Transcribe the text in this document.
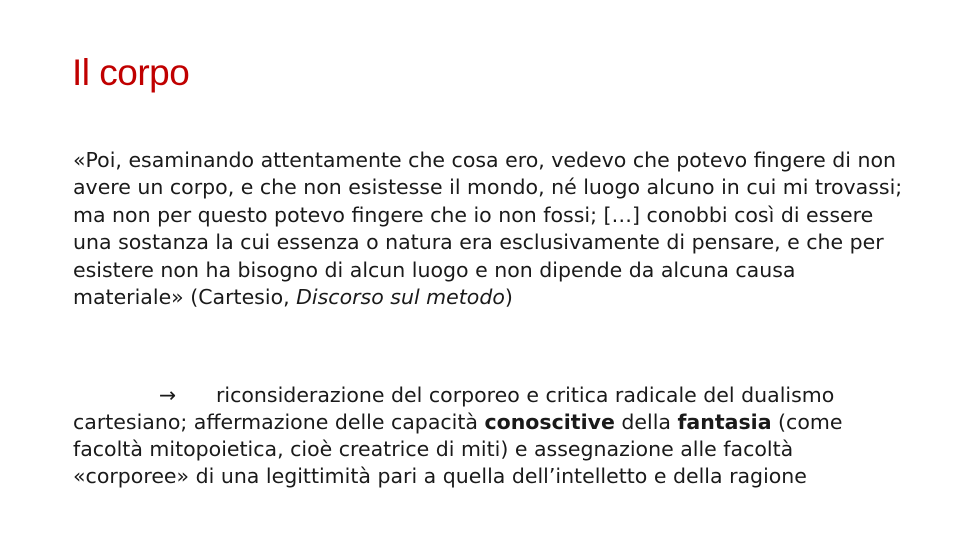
Il corpo
«Poi, esaminando attentamente che cosa ero, vedevo che potevo fingere di non avere un corpo, e che non esistesse il mondo, né luogo alcuno in cui mi trovassi; ma non per questo potevo fingere che io non fossi; […] conobbi così di essere una sostanza la cui essenza o natura era esclusivamente di pensare, e che per esistere non ha bisogno di alcun luogo e non dipende da alcuna causa materiale» (Cartesio, Discorso sul metodo)
→ riconsiderazione del corporeo e critica radicale del dualismo cartesiano; affermazione delle capacità conoscitive della fantasia (come facoltà mitopoietica, cioè creatrice di miti) e assegnazione alle facoltà «corporee» di una legittimità pari a quella dell’intelletto e della ragione
